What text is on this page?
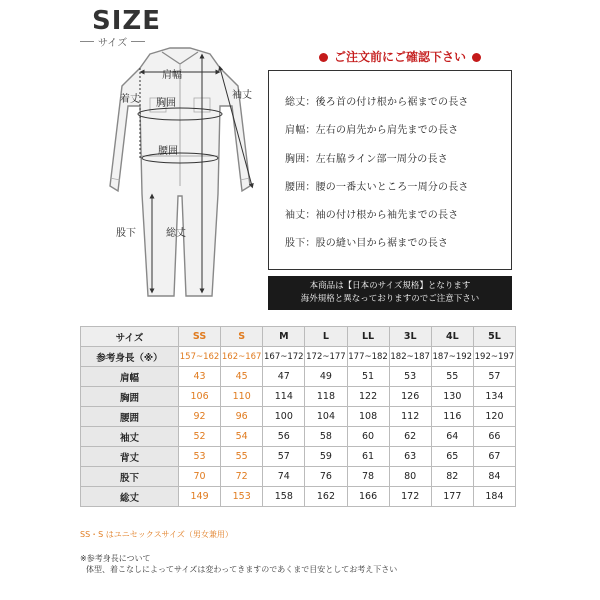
SIZE
サイズ
肩幅
着丈 胸囲
腰囲
袖丈
股下	総丈
ご注文前にご確認下さい
総丈：後ろ首の付け根から裾までの長さ
肩幅：左右の肩先から肩先までの長さ
胸囲：左右脇ライン部一周分の長さ
腰囲：腰の一番太いところ一周分の長さ
袖丈：袖の付け根から袖先までの長さ
股下：股の縫い目から裾までの長さ
本商品は【日本のサイズ規格】となります
海外規格と異なっておりますのでご注意下さい
サイズ	SS	S	M	L	LL	3L	4L	5L
参考身長（※）	157~162	162~167	167~172	172~177	177~182	182~187	187~192	192~197
肩幅	43	45	47	49	51	53	55	57
胸囲	106	110	114	118	122	126	130	134
腰囲	92	96	100	104	108	112	116	120
袖丈	52	54	56	58	60	62	64	66
背丈	53	55	57	59	61	63	65	67
股下	70	72	74	76	78	80	82	84
総丈	149	153	158	162	166	172	177	184
SS・S はユニセックスサイズ（男女兼用）
※参考身長について
体型、着こなしによってサイズは変わってきますのであくまで目安としてお考え下さい
